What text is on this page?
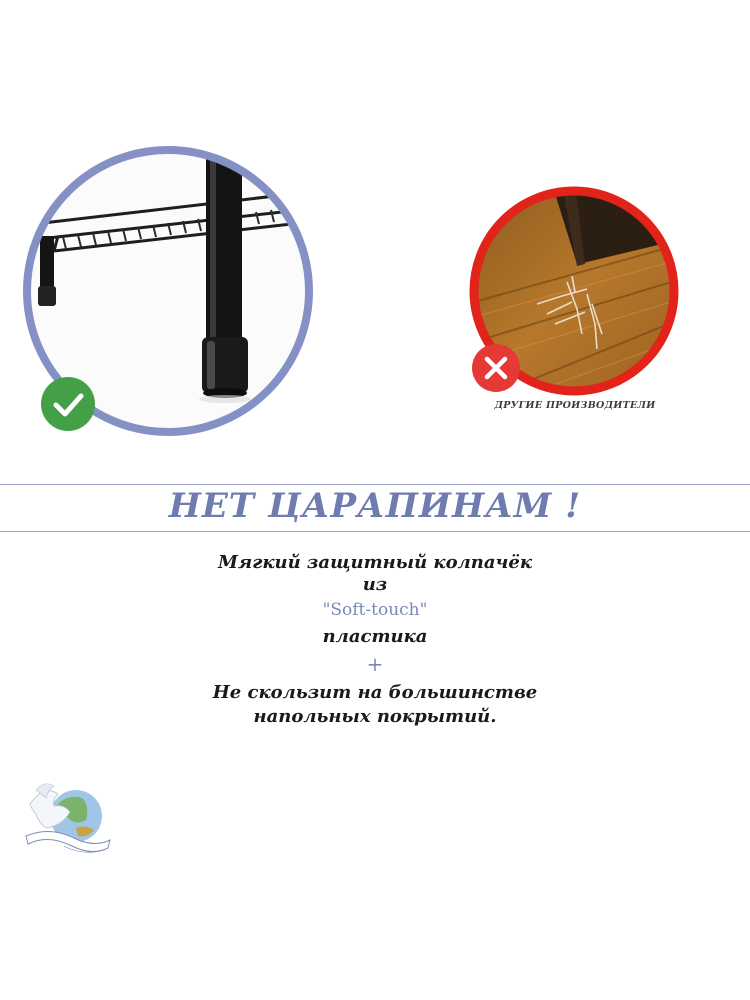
ДРУГИЕ ПРОИЗВОДИТЕЛИ
НЕТ ЦАРАПИНАМ !
Мягкий защитный колпачёк
из
"Soft-touch"
пластика
+
Не скользит на большинстве
напольных покрытий.
